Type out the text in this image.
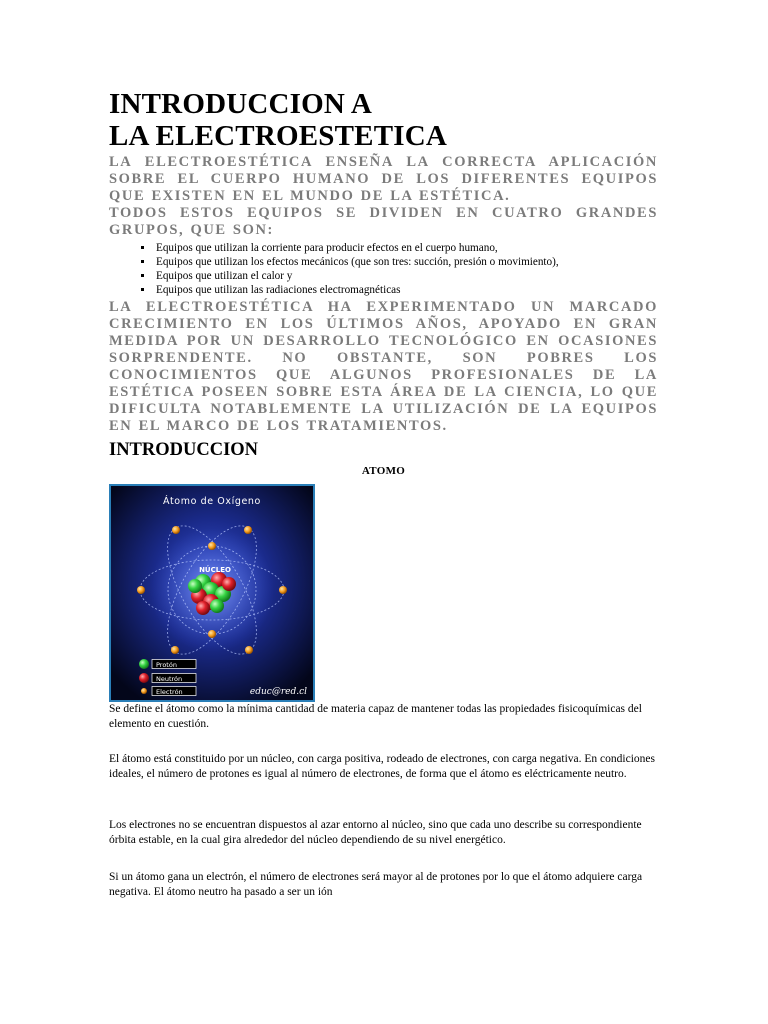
INTRODUCCION A
LA ELECTROESTETICA

LA ELECTROESTÉTICA ENSEÑA LA CORRECTA APLICACIÓN SOBRE EL CUERPO HUMANO DE LOS DIFERENTES EQUIPOS QUE EXISTEN EN EL MUNDO DE LA ESTÉTICA.

TODOS ESTOS EQUIPOS SE DIVIDEN EN CUATRO GRANDES GRUPOS, QUE SON:

▪ Equipos que utilizan la corriente para producir efectos en el cuerpo humano,
▪ Equipos que utilizan los efectos mecánicos (que son tres: succión, presión o movimiento),
▪ Equipos que utilizan el calor y
▪ Equipos que utilizan las radiaciones electromagnéticas

LA ELECTROESTÉTICA HA EXPERIMENTADO UN MARCADO CRECIMIENTO EN LOS ÚLTIMOS AÑOS, APOYADO EN GRAN MEDIDA POR UN DESARROLLO TECNOLÓGICO EN OCASIONES SORPRENDENTE. NO OBSTANTE, SON POBRES LOS CONOCIMIENTOS QUE ALGUNOS PROFESIONALES DE LA ESTÉTICA POSEEN SOBRE ESTA ÁREA DE LA CIENCIA, LO QUE DIFICULTA NOTABLEMENTE LA UTILIZACIÓN DE LA EQUIPOS EN EL MARCO DE LOS TRATAMIENTOS.

INTRODUCCION

ATOMO

Átomo de Oxígeno
NÚCLEO
Protón
Neutrón
Electrón	educ@red.cl

Se define el átomo como la mínima cantidad de materia capaz de mantener todas las propiedades fisicoquímicas del elemento en cuestión.

El átomo está constituido por un núcleo, con carga positiva, rodeado de electrones, con carga negativa. En condiciones ideales, el número de protones es igual al número de electrones, de forma que el átomo es eléctricamente neutro.

Los electrones no se encuentran dispuestos al azar entorno al núcleo, sino que cada uno describe su correspondiente órbita estable, en la cual gira alrededor del núcleo dependiendo de su nivel energético.

Si un átomo gana un electrón, el número de electrones será mayor al de protones por lo que el átomo adquiere carga negativa. El átomo neutro ha pasado a ser un ión
